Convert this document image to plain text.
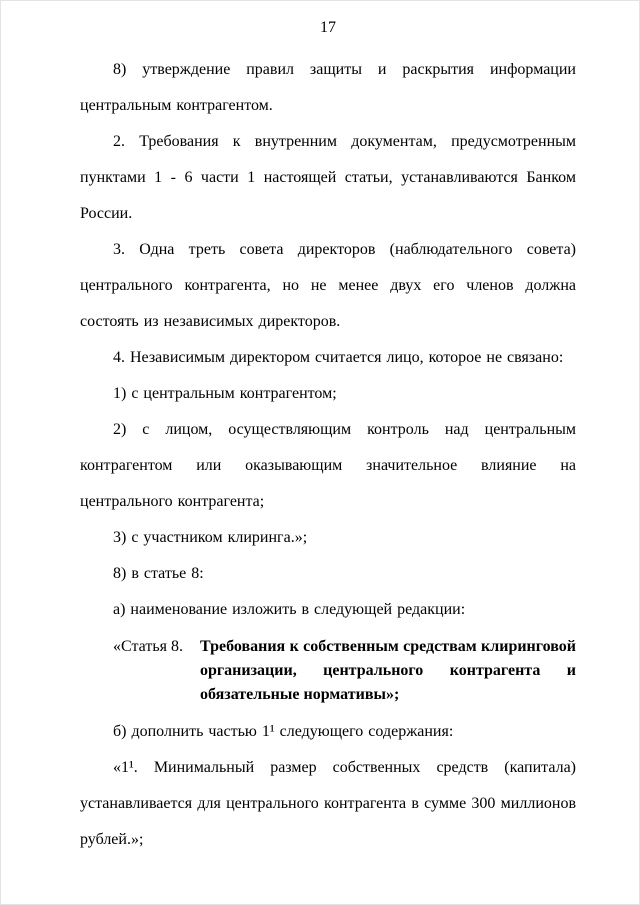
17

8) утверждение правил защиты и раскрытия информации центральным контрагентом.

2. Требования к внутренним документам, предусмотренным пунктами 1 - 6 части 1 настоящей статьи, устанавливаются Банком России.

3. Одна треть совета директоров (наблюдательного совета) центрального контрагента, но не менее двух его членов должна состоять из независимых директоров.

4. Независимым директором считается лицо, которое не связано:

1) с центральным контрагентом;

2) с лицом, осуществляющим контроль над центральным контрагентом или оказывающим значительное влияние на центрального контрагента;

3) с участником клиринга.»;

8) в статье 8:

а) наименование изложить в следующей редакции:

«Статья 8. Требования к собственным средствам клиринговой организации, центрального контрагента и обязательные нормативы»;

б) дополнить частью 1¹ следующего содержания:

«1¹. Минимальный размер собственных средств (капитала) устанавливается для центрального контрагента в сумме 300 миллионов рублей.»;
